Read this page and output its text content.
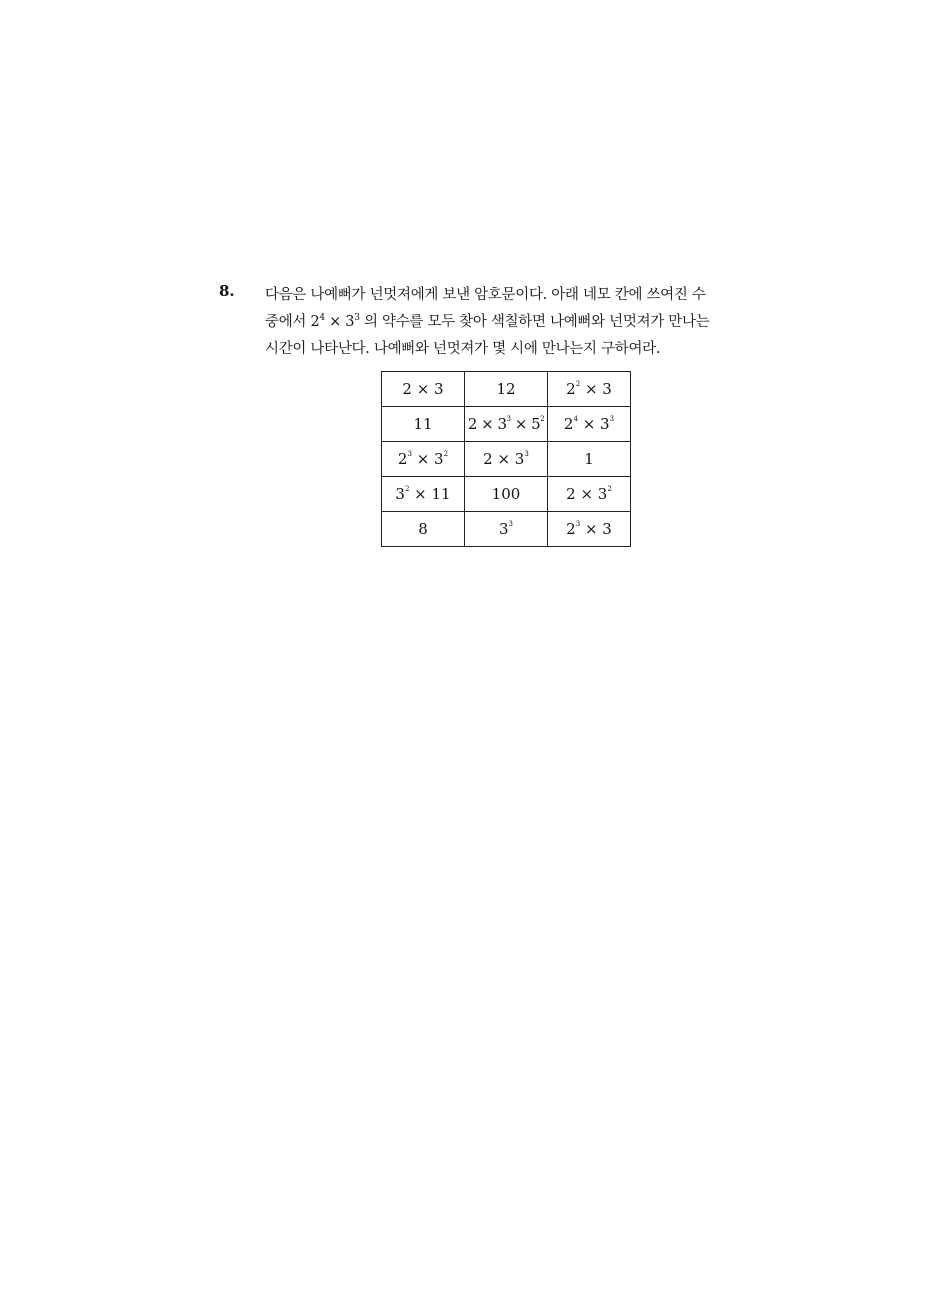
8. 다음은 나예뻐가 넌멋져에게 보낸 암호문이다. 아래 네모 칸에 쓰여진 수
중에서 $2^4 \times 3^3$ 의 약수를 모두 찾아 색칠하면 나예뻐와 넌멋져가 만나는
시간이 나타난다. 나예뻐와 넌멋져가 몇 시에 만나는지 구하여라.
2 × 3	12	$2^2 \times 3$
11	$2 \times 3^3 \times 5^2$	$2^4 \times 3^3$
$2^3 \times 3^2$	$2 \times 3^3$	1
$3^2 \times 11$	100	$2 \times 3^2$
8	$3^3$	$2^3 \times 3$
